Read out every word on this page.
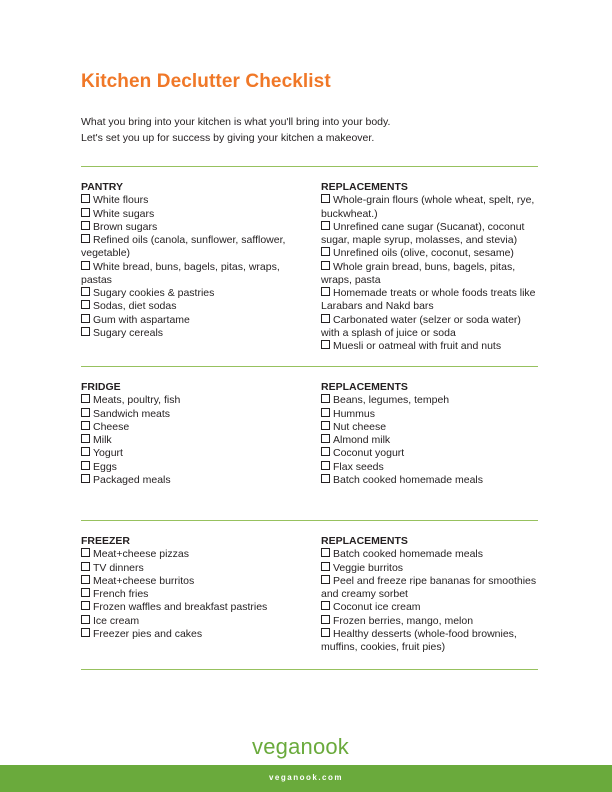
Kitchen Declutter Checklist
What you bring into your kitchen is what you'll bring into your body.
Let's set you up for success by giving your kitchen a makeover.
PANTRY
White flours
White sugars
Brown sugars
Refined oils (canola, sunflower, safflower, vegetable)
White bread, buns, bagels, pitas, wraps, pastas
Sugary cookies & pastries
Sodas, diet sodas
Gum with aspartame
Sugary cereals
REPLACEMENTS
Whole-grain flours (whole wheat, spelt, rye, buckwheat.)
Unrefined cane sugar (Sucanat), coconut sugar, maple syrup, molasses, and stevia)
Unrefined oils (olive, coconut, sesame)
Whole grain bread, buns, bagels, pitas, wraps, pasta
Homemade treats or whole foods treats like Larabars and Nakd bars
Carbonated water (selzer or soda water) with a splash of juice or soda
Muesli or oatmeal with fruit and nuts
FRIDGE
Meats, poultry, fish
Sandwich meats
Cheese
Milk
Yogurt
Eggs
Packaged meals
REPLACEMENTS
Beans, legumes, tempeh
Hummus
Nut cheese
Almond milk
Coconut yogurt
Flax seeds
Batch cooked homemade meals
FREEZER
Meat+cheese pizzas
TV dinners
Meat+cheese burritos
French fries
Frozen waffles and breakfast pastries
Ice cream
Freezer pies and cakes
REPLACEMENTS
Batch cooked homemade meals
Veggie burritos
Peel and freeze ripe bananas for smoothies and creamy sorbet
Coconut ice cream
Frozen berries, mango, melon
Healthy desserts (whole-food brownies, muffins, cookies, fruit pies)
veganook
veganook.com
